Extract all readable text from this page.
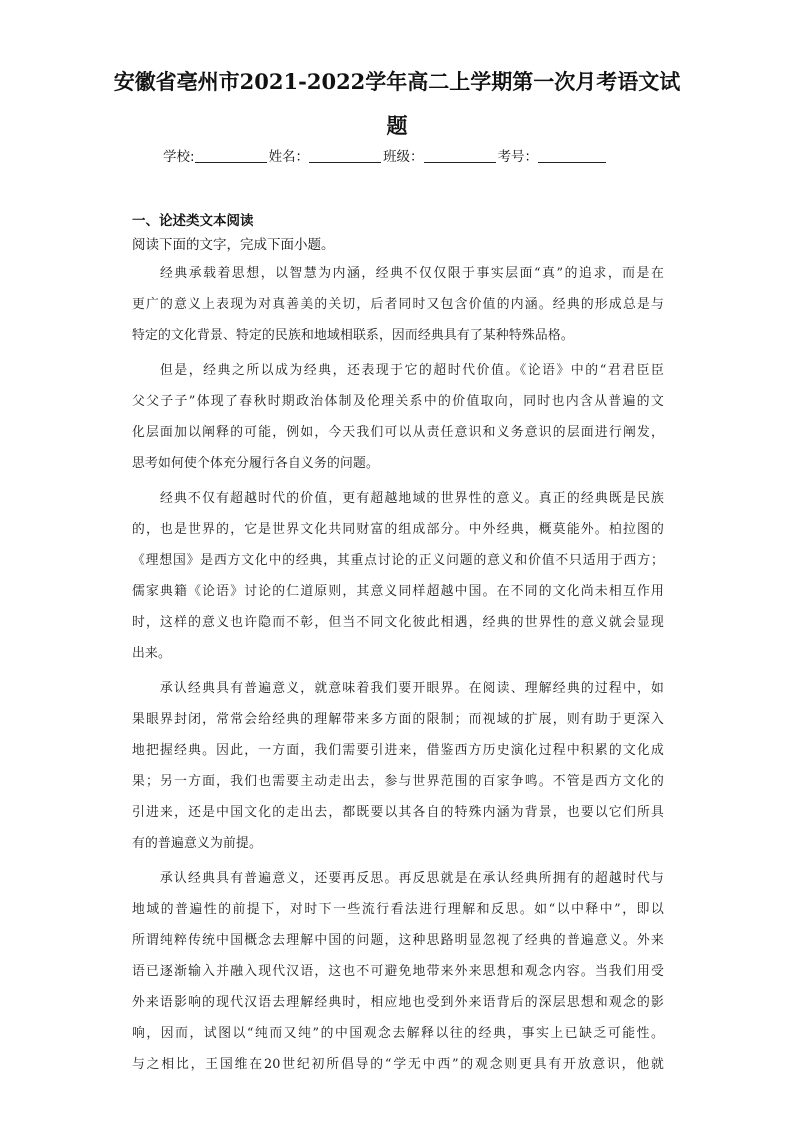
安徽省亳州市2021-2022学年高二上学期第一次月考语文试
题
学校:	姓名：	班级：	考号：
一、论述类文本阅读
阅读下面的文字，完成下面小题。
经典承载着思想，以智慧为内涵，经典不仅仅限于事实层面“真”的追求，而是在
更广的意义上表现为对真善美的关切，后者同时又包含价值的内涵。经典的形成总是与
特定的文化背景、特定的民族和地域相联系，因而经典具有了某种特殊品格。
但是，经典之所以成为经典，还表现于它的超时代价值。《论语》中的“君君臣臣
父父子子”体现了春秋时期政治体制及伦理关系中的价值取向，同时也内含从普遍的文
化层面加以阐释的可能，例如，今天我们可以从责任意识和义务意识的层面进行阐发，
思考如何使个体充分履行各自义务的问题。
经典不仅有超越时代的价值，更有超越地域的世界性的意义。真正的经典既是民族
的，也是世界的，它是世界文化共同财富的组成部分。中外经典，概莫能外。柏拉图的
《理想国》是西方文化中的经典，其重点讨论的正义问题的意义和价值不只适用于西方；
儒家典籍《论语》讨论的仁道原则，其意义同样超越中国。在不同的文化尚未相互作用
时，这样的意义也许隐而不彰，但当不同文化彼此相遇，经典的世界性的意义就会显现
出来。
承认经典具有普遍意义，就意味着我们要开眼界。在阅读、理解经典的过程中，如
果眼界封闭，常常会给经典的理解带来多方面的限制；而视域的扩展，则有助于更深入
地把握经典。因此，一方面，我们需要引进来，借鉴西方历史演化过程中积累的文化成
果；另一方面，我们也需要主动走出去，参与世界范围的百家争鸣。不管是西方文化的
引进来，还是中国文化的走出去，都既要以其各自的特殊内涵为背景，也要以它们所具
有的普遍意义为前提。
承认经典具有普遍意义，还要再反思。再反思就是在承认经典所拥有的超越时代与
地域的普遍性的前提下，对时下一些流行看法进行理解和反思。如“以中释中”，即以
所谓纯粹传统中国概念去理解中国的问题，这种思路明显忽视了经典的普遍意义。外来
语已逐渐输入并融入现代汉语，这也不可避免地带来外来思想和观念内容。当我们用受
外来语影响的现代汉语去理解经典时，相应地也受到外来语背后的深层思想和观念的影
响，因而，试图以“纯而又纯”的中国观念去解释以往的经典，事实上已缺乏可能性。
与之相比，王国维在20世纪初所倡导的“学无中西”的观念则更具有开放意识，他就
